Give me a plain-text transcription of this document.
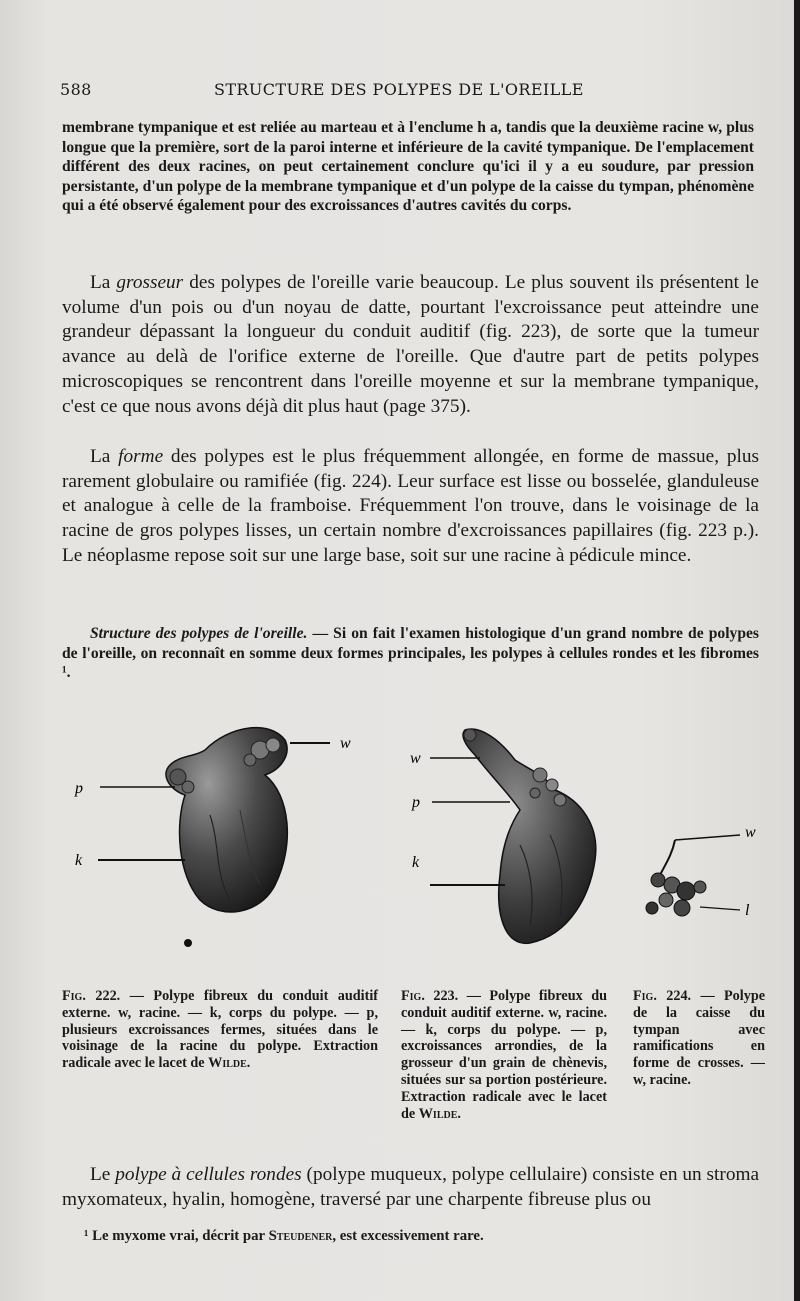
588	STRUCTURE DES POLYPES DE L'OREILLE
membrane tympanique et est reliée au marteau et à l'enclume h a, tandis que la deuxième racine w, plus longue que la première, sort de la paroi interne et inférieure de la cavité tympanique. De l'emplacement différent des deux racines, on peut certainement conclure qu'ici il y a eu soudure, par pression persistante, d'un polype de la membrane tympanique et d'un polype de la caisse du tympan, phénomène qui a été observé également pour des excroissances d'autres cavités du corps.
La grosseur des polypes de l'oreille varie beaucoup. Le plus souvent ils présentent le volume d'un pois ou d'un noyau de datte, pourtant l'excroissance peut atteindre une grandeur dépassant la longueur du conduit auditif (fig. 223), de sorte que la tumeur avance au delà de l'orifice externe de l'oreille. Que d'autre part de petits polypes microscopiques se rencontrent dans l'oreille moyenne et sur la membrane tympanique, c'est ce que nous avons déjà dit plus haut (page 375).
La forme des polypes est le plus fréquemment allongée, en forme de massue, plus rarement globulaire ou ramifiée (fig. 224). Leur surface est lisse ou bosselée, glanduleuse et analogue à celle de la framboise. Fréquemment l'on trouve, dans le voisinage de la racine de gros polypes lisses, un certain nombre d'excroissances papillaires (fig. 223 p.). Le néoplasme repose soit sur une large base, soit sur une racine à pédicule mince.
Structure des polypes de l'oreille. — Si on fait l'examen histologique d'un grand nombre de polypes de l'oreille, on reconnaît en somme deux formes principales, les polypes à cellules rondes et les fibromes ¹.
w
p
k
w
p
k
w
l
Fig. 222. — Polype fibreux du conduit auditif externe. w, racine. — k, corps du polype. — p, plusieurs excroissances fermes, situées dans le voisinage de la racine du polype. Extraction radicale avec le lacet de Wilde.
Fig. 223. — Polype fibreux du conduit auditif externe. w, racine. — k, corps du polype. — p, excroissances arrondies, de la grosseur d'un grain de chènevis, situées sur sa portion postérieure. Extraction radicale avec le lacet de Wilde.
Fig. 224. — Polype de la caisse du tympan avec ramifications en forme de crosses. — w, racine.
Le polype à cellules rondes (polype muqueux, polype cellulaire) consiste en un stroma myxomateux, hyalin, homogène, traversé par une charpente fibreuse plus ou
¹ Le myxome vrai, décrit par Steudener, est excessivement rare.
